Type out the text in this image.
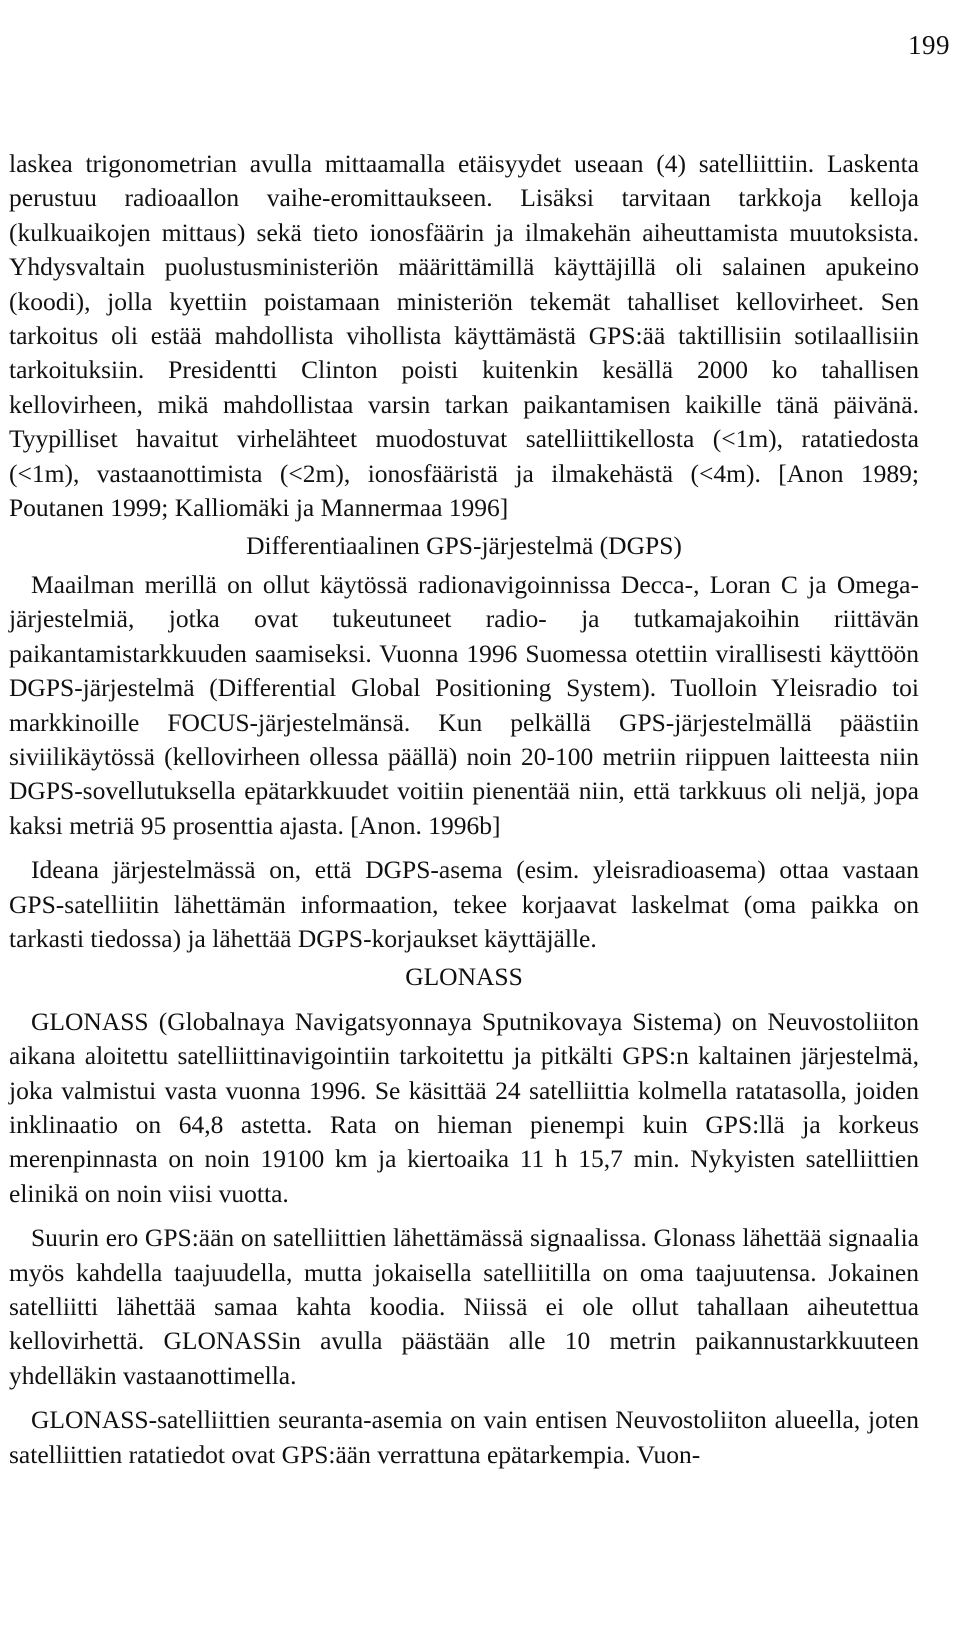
199

laskea trigonometrian avulla mittaamalla etäisyydet useaan (4) satelliittiin. Laskenta perustuu radioaallon vaihe-eromittaukseen. Lisäksi tarvitaan tarkkoja kelloja (kulkuaikojen mittaus) sekä tieto ionosfäärin ja ilmakehän aiheuttamista muutoksista. Yhdysvaltain puolustusministeriön määrittämillä käyttäjillä oli salainen apukeino (koodi), jolla kyettiin poistamaan ministeriön tekemät tahalliset kellovirheet. Sen tarkoitus oli estää mahdollista vihollista käyttämästä GPS:ää taktillisiin sotilaallisiin tarkoituksiin. Presidentti Clinton poisti kuitenkin kesällä 2000 ko tahallisen kellovirheen, mikä mahdollistaa varsin tarkan paikantamisen kaikille tänä päivänä. Tyypilliset havaitut virhelähteet muodostuvat satelliittikellosta (<1m), ratatiedosta (<1m), vastaanottimista (<2m), ionosfääristä ja ilmakehästä (<4m). [Anon 1989; Poutanen 1999; Kalliomäki ja Mannermaa 1996]

Differentiaalinen GPS-järjestelmä (DGPS)

Maailman merillä on ollut käytössä radionavigoinnissa Decca-, Loran C ja Omega-järjestelmiä, jotka ovat tukeutuneet radio- ja tutkamajakoihin riittävän paikantamistarkkuuden saamiseksi. Vuonna 1996 Suomessa otettiin virallisesti käyttöön DGPS-järjestelmä (Differential Global Positioning System). Tuolloin Yleisradio toi markkinoille FOCUS-järjestelmänsä. Kun pelkällä GPS-järjestelmällä päästiin siviilikäytössä (kellovirheen ollessa päällä) noin 20-100 metriin riippuen laitteesta niin DGPS-sovellutuksella epätarkkuudet voitiin pienentää niin, että tarkkuus oli neljä, jopa kaksi metriä 95 prosenttia ajasta. [Anon. 1996b]

Ideana järjestelmässä on, että DGPS-asema (esim. yleisradioasema) ottaa vastaan GPS-satelliitin lähettämän informaation, tekee korjaavat laskelmat (oma paikka on tarkasti tiedossa) ja lähettää DGPS-korjaukset käyttäjälle.

GLONASS

GLONASS (Globalnaya Navigatsyonnaya Sputnikovaya Sistema) on Neuvostoliiton aikana aloitettu satelliittinavigointiin tarkoitettu ja pitkälti GPS:n kaltainen järjestelmä, joka valmistui vasta vuonna 1996. Se käsittää 24 satelliittia kolmella ratatasolla, joiden inklinaatio on 64,8 astetta. Rata on hieman pienempi kuin GPS:llä ja korkeus merenpinnasta on noin 19100 km ja kiertoaika 11 h 15,7 min. Nykyisten satelliittien elinikä on noin viisi vuotta.

Suurin ero GPS:ään on satelliittien lähettämässä signaalissa. Glonass lähettää signaalia myös kahdella taajuudella, mutta jokaisella satelliitilla on oma taajuutensa. Jokainen satelliitti lähettää samaa kahta koodia. Niissä ei ole ollut tahallaan aiheutettua kellovirhettä. GLONASSin avulla päästään alle 10 metrin paikannustarkkuuteen yhdelläkin vastaanottimella.

GLONASS-satelliittien seuranta-asemia on vain entisen Neuvostoliiton alueella, joten satelliittien ratatiedot ovat GPS:ään verrattuna epätarkempia. Vuon-
